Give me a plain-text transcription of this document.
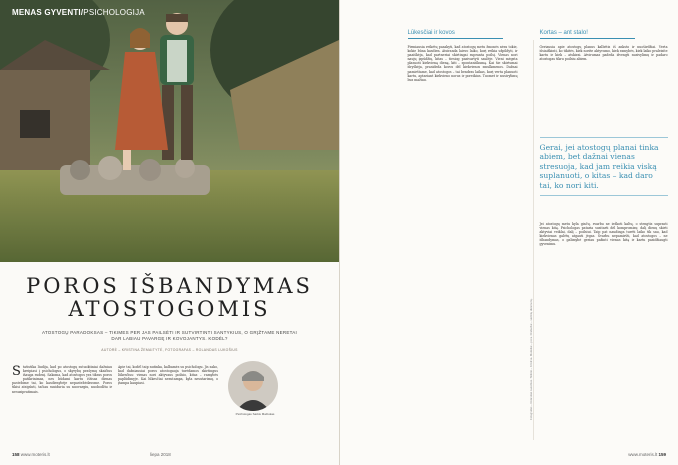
MENAS GYVENTI/PSICHOLOGIJA
POROS IŠBANDYMAS
ATOSTOGOMIS
ATOSTOGŲ PARADOKSAS – TIKIMES PER JAS PAILSĖTI IR SUTVIRTINTI SANTYKIUS, O GRĮŽTAME NERETAI DAR LABIAU PAVARGĘ IR KOVOJANTYS. KODĖL?
AUTORĖ – KRISTINA ŽEMAITYTĖ, FOTOGRAFAS – ROLANDAS LUKOŠIUS
Statistika liudija, kad po atostogų sutuoktiniai dažniau kreipiasi į psichologus, o skyrybų prašymų skaičius išauga rudenį. Sakoma, kad atostogos yra tikras poros patikrinimas, nes būdami kartu ištisas dienas pastebime tai, ko kasdienybėje nepastebėdavome. Poros tikisi atsipūsti, tačiau susiduria su nuovargiu, nuobodžiu ir nesusipratimais.
Apie tai, kodėl taip nutinka, kalbamės su psichologu. Jis sako, kad dažniausiai poros atostogauja turėdamos skirtingus lūkesčius: vienas nori aktyvaus poilsio, kitas – ramybės paplūdimyje. Kai lūkesčiai nesutampa, kyla nesutarimų, o įtampa kaupiasi.
Psichologas Sarkis Mačiukas
158 www.moteris.lt	liepa 2018
Fotografas – Rolandas Lukošius. Stilistė – Kristina. Modeliai – pora. Drabužiai – vietinių dizainerių.
Lūkesčiai ir kovos	Kortas – ant stalo!
Pirmiausia reikėtų pasakyti, kad atostogų metu žmonės nėra tokie, kokie būna kasdien. Atsiranda laisvo laiko, kurį reikia užpildyti, ir paaiškėja, kad partneriai skirtingai supranta poilsį. Vienas nori naujų įspūdžių, kitas – tiesiog pasivartyti saulėje. Vieni mėgsta planuoti kiekvieną dieną, kiti – spontaniškumą. Kai šie skirtumai išryškėja, prasideda kovos dėl kiekvienos smulkmenos. Dažnai pamirštame, kad atostogos – tai bendras laikas, kurį verta planuoti kartu, aptariant kiekvieno norus ir poreikius. Tuomet ir nusivylimų bus mažiau.
Geriausia apie atostogų planus kalbėtis iš anksto ir nuoširdžiai. Verta išsiaiškinti, ko tikitės, kiek norite aktyvumo, kiek ramybės, kiek laiko praleisite kartu ir kiek – atskirai. Atvirumas padeda išvengti nusivylimų ir padaro atostogas tikru poilsiu abiem.
Gerai, jei atostogų planai tinka abiem, bet dažnai vienas stresuoja, kad jam reikia viską suplanuoti, o kitas – kad daro tai, ko nori kiti.
Jei atostogų metu kyla ginčų, svarbu ne ieškoti kaltų, o stengtis suprasti vienas kitą. Psichologas pataria susitarti dėl kompromisų: dalį dienų skirti aktyviai veiklai, dalį – poilsiui. Taip pat naudinga turėti laiko tik sau, kad kiekvienas galėtų atgauti jėgas. Svarbu nepamiršti, kad atostogos – ne išbandymas, o galimybė geriau pažinti vienas kitą ir kartu pasidžiaugti gyvenimu.
www.moteris.lt 159
